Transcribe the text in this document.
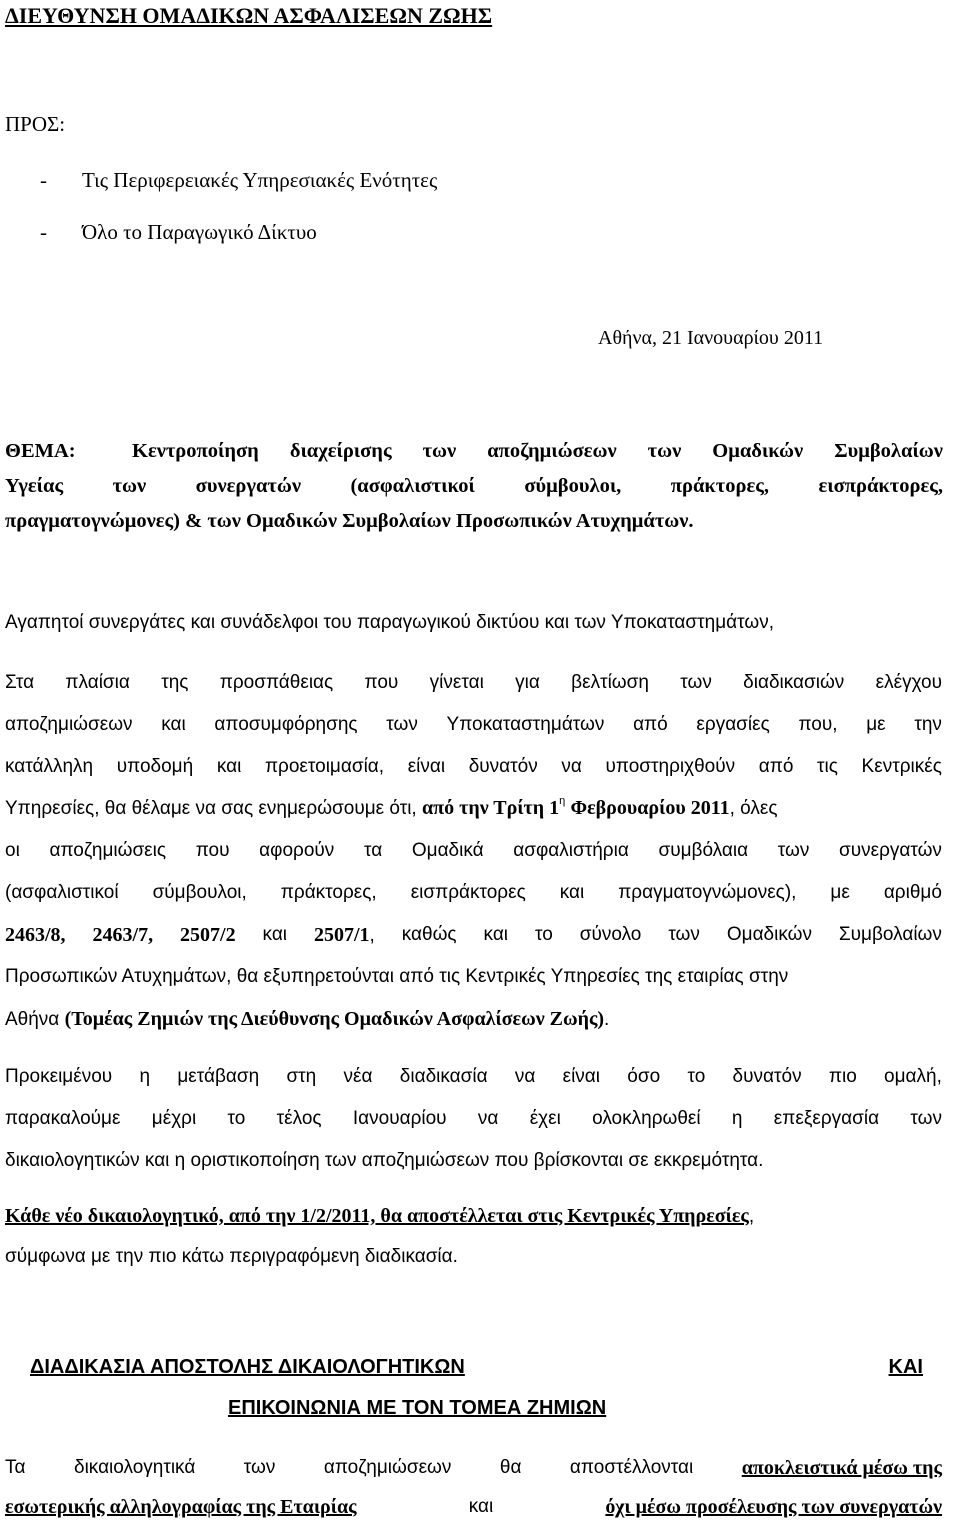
ΔΙΕΥΘΥΝΣΗ ΟΜΑΔΙΚΩΝ ΑΣΦΑΛΙΣΕΩΝ ΖΩΗΣ
ΠΡΟΣ:
- Τις Περιφερειακές Υπηρεσιακές Ενότητες
- Όλο το Παραγωγικό Δίκτυο
Αθήνα, 21 Ιανουαρίου 2011
ΘΕΜΑ:	Κεντροποίηση διαχείρισης των αποζημιώσεων των Ομαδικών Συμβολαίων
Υγείας των συνεργατών (ασφαλιστικοί σύμβουλοι, πράκτορες, εισπράκτορες,
πραγματογνώμονες) & των Ομαδικών Συμβολαίων Προσωπικών Ατυχημάτων.
Αγαπητοί συνεργάτες και συνάδελφοι του παραγωγικού δικτύου και των Υποκαταστημάτων,
Στα πλαίσια της προσπάθειας που γίνεται για βελτίωση των διαδικασιών ελέγχου
αποζημιώσεων και αποσυμφόρησης των Υποκαταστημάτων από εργασίες που, με την
κατάλληλη υποδομή και προετοιμασία, είναι δυνατόν να υποστηριχθούν από τις Κεντρικές
Υπηρεσίες, θα θέλαμε να σας ενημερώσουμε ότι, από την Τρίτη $1^\eta$ Φεβρουαρίου 2011, όλες
οι αποζημιώσεις που αφορούν τα Ομαδικά ασφαλιστήρια συμβόλαια των συνεργατών
(ασφαλιστικοί σύμβουλοι, πράκτορες, εισπράκτορες και πραγματογνώμονες), με αριθμό
2463/8, 2463/7, 2507/2 και 2507/1, καθώς και το σύνολο των Ομαδικών Συμβολαίων
Προσωπικών Ατυχημάτων, θα εξυπηρετούνται από τις Κεντρικές Υπηρεσίες της εταιρίας στην
Αθήνα (Τομέας Ζημιών της Διεύθυνσης Ομαδικών Ασφαλίσεων Ζωής).
Προκειμένου η μετάβαση στη νέα διαδικασία να είναι όσο το δυνατόν πιο ομαλή,
παρακαλούμε μέχρι το τέλος Ιανουαρίου να έχει ολοκληρωθεί η επεξεργασία των
δικαιολογητικών και η οριστικοποίηση των αποζημιώσεων που βρίσκονται σε εκκρεμότητα.
Κάθε νέο δικαιολογητικό, από την 1/2/2011, θα αποστέλλεται στις Κεντρικές Υπηρεσίες,
σύμφωνα με την πιο κάτω περιγραφόμενη διαδικασία.
ΔΙΑΔΙΚΑΣΙΑ ΑΠΟΣΤΟΛΗΣ ΔΙΚΑΙΟΛΟΓΗΤΙΚΩΝ	ΚΑΙ
ΕΠΙΚΟΙΝΩΝΙΑ ΜΕ ΤΟΝ ΤΟΜΕΑ ΖΗΜΙΩΝ
Τα	δικαιολογητικά	των	αποζημιώσεων	θα	αποστέλλονται αποκλειστικά μέσω της
εσωτερικής αλληλογραφίας της Εταιρίας	και	όχι μέσω προσέλευσης των συνεργατών
